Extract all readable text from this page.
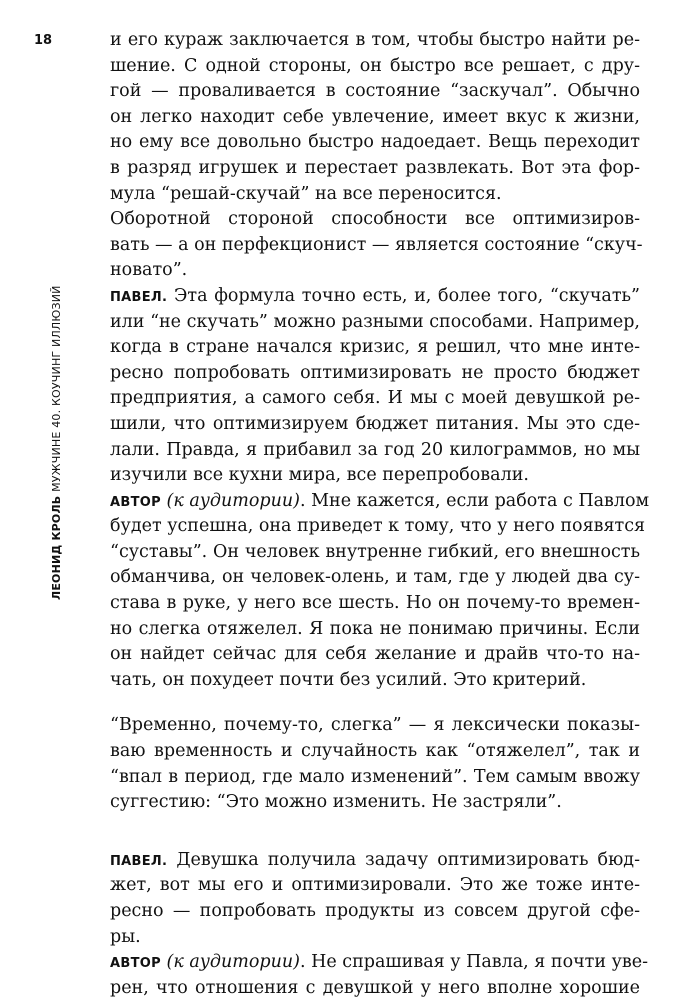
18
ЛЕОНИД КРОЛЬ МУЖЧИНЕ 40. КОУЧИНГ ИЛЛЮЗИЙ
и его кураж заключается в том, чтобы быстро найти ре-
шение. С одной стороны, он быстро все решает, с дру-
гой — проваливается в состояние “заскучал”. Обычно
он легко находит себе увлечение, имеет вкус к жизни,
но ему все довольно быстро надоедает. Вещь переходит
в разряд игрушек и перестает развлекать. Вот эта фор-
мула “решай-скучай” на все переносится.
Оборотной стороной способности все оптимизиров-
вать — а он перфекционист — является состояние “скуч-
новато”.
ПАВЕЛ. Эта формула точно есть, и, более того, “скучать”
или “не скучать” можно разными способами. Например,
когда в стране начался кризис, я решил, что мне инте-
ресно попробовать оптимизировать не просто бюджет
предприятия, а самого себя. И мы с моей девушкой ре-
шили, что оптимизируем бюджет питания. Мы это сде-
лали. Правда, я прибавил за год 20 килограммов, но мы
изучили все кухни мира, все перепробовали.
АВТОР (к аудитории). Мне кажется, если работа с Павлом
будет успешна, она приведет к тому, что у него появятся
“суставы”. Он человек внутренне гибкий, его внешность
обманчива, он человек-олень, и там, где у людей два су-
става в руке, у него все шесть. Но он почему-то времен-
но слегка отяжелел. Я пока не понимаю причины. Если
он найдет сейчас для себя желание и драйв что-то на-
чать, он похудеет почти без усилий. Это критерий.
“Временно, почему-то, слегка” — я лексически показы-
ваю временность и случайность как “отяжелел”, так и
“впал в период, где мало изменений”. Тем самым ввожу
суггестию: “Это можно изменить. Не застряли”.
ПАВЕЛ. Девушка получила задачу оптимизировать бюд-
жет, вот мы его и оптимизировали. Это же тоже инте-
ресно — попробовать продукты из совсем другой сфе-
ры.
АВТОР (к аудитории). Не спрашивая у Павла, я почти уве-
рен, что отношения с девушкой у него вполне хорошие
